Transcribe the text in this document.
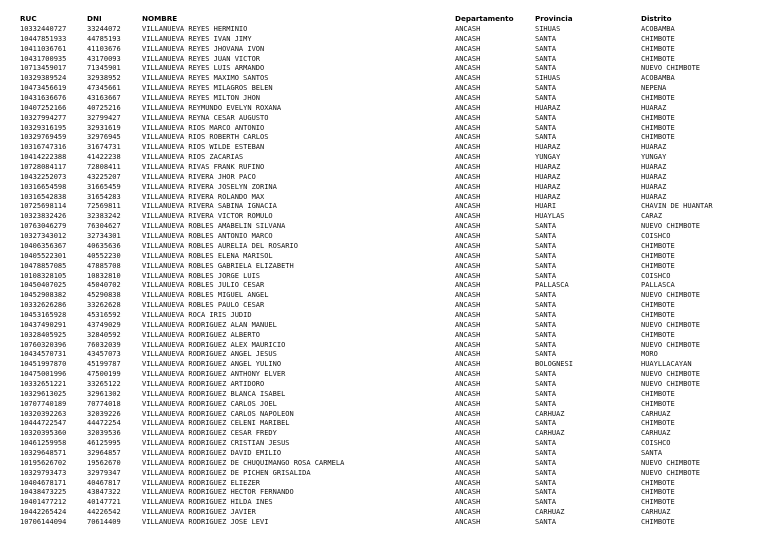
RUC	DNI	NOMBRE	Departamento	Provincia	Distrito
10332440727	33244072	VILLANUEVA REYES HERMINIO	ANCASH	SIHUAS	ACOBAMBA
10447851933	44785193	VILLANUEVA REYES IVAN JIMY	ANCASH	SANTA	CHIMBOTE
10411036761	41103676	VILLANUEVA REYES JHOVANA IVON	ANCASH	SANTA	CHIMBOTE
10431700935	43170093	VILLANUEVA REYES JUAN VICTOR	ANCASH	SANTA	CHIMBOTE
10713459017	71345901	VILLANUEVA REYES LUIS ARMANDO	ANCASH	SANTA	NUEVO CHIMBOTE
10329389524	32938952	VILLANUEVA REYES MAXIMO SANTOS	ANCASH	SIHUAS	ACOBAMBA
10473456619	47345661	VILLANUEVA REYES MILAGROS BELEN	ANCASH	SANTA	NEPEÑA
10431636676	43163667	VILLANUEVA REYES MILTON JHON	ANCASH	SANTA	CHIMBOTE
10407252166	40725216	VILLANUEVA REYMUNDO EVELYN ROXANA	ANCASH	HUARAZ	HUARAZ
10327994277	32799427	VILLANUEVA REYNA CESAR AUGUSTO	ANCASH	SANTA	CHIMBOTE
10329316195	32931619	VILLANUEVA RIOS MARCO ANTONIO	ANCASH	SANTA	CHIMBOTE
10329769459	32976945	VILLANUEVA RIOS ROBERTH CARLOS	ANCASH	SANTA	CHIMBOTE
10316747316	31674731	VILLANUEVA RIOS WILDE ESTEBAN	ANCASH	HUARAZ	HUARAZ
10414222388	41422238	VILLANUEVA RIOS ZACARIAS	ANCASH	YUNGAY	YUNGAY
10728084117	72808411	VILLANUEVA RIVAS FRANK RUFINO	ANCASH	HUARAZ	HUARAZ
10432252073	43225207	VILLANUEVA RIVERA JHOR PACO	ANCASH	HUARAZ	HUARAZ
10316654598	31665459	VILLANUEVA RIVERA JOSELYN ZORINA	ANCASH	HUARAZ	HUARAZ
10316542838	31654283	VILLANUEVA RIVERA ROLANDO MAX	ANCASH	HUARAZ	HUARAZ
10725698114	72569811	VILLANUEVA RIVERA SABINA IGNACIA	ANCASH	HUARI	CHAVIN DE HUANTAR
10323832426	32383242	VILLANUEVA RIVERA VICTOR ROMULO	ANCASH	HUAYLAS	CARAZ
10763046279	76304627	VILLANUEVA ROBLES AMABELIN SILVANA	ANCASH	SANTA	NUEVO CHIMBOTE
10327343012	32734301	VILLANUEVA ROBLES ANTONIO MARCO	ANCASH	SANTA	COISHCO
10406356367	40635636	VILLANUEVA ROBLES AURELIA DEL ROSARIO	ANCASH	SANTA	CHIMBOTE
10405522301	40552230	VILLANUEVA ROBLES ELENA MARISOL	ANCASH	SANTA	CHIMBOTE
10478857085	47885708	VILLANUEVA ROBLES GABRIELA ELIZABETH	ANCASH	SANTA	CHIMBOTE
10108328105	10832810	VILLANUEVA ROBLES JORGE LUIS	ANCASH	SANTA	COISHCO
10450407025	45040702	VILLANUEVA ROBLES JULIO CESAR	ANCASH	PALLASCA	PALLASCA
10452908382	45290838	VILLANUEVA ROBLES MIGUEL ANGEL	ANCASH	SANTA	NUEVO CHIMBOTE
10332626286	33262628	VILLANUEVA ROBLES PAULO CESAR	ANCASH	SANTA	CHIMBOTE
10453165928	45316592	VILLANUEVA ROCA IRIS JUDID	ANCASH	SANTA	CHIMBOTE
10437490291	43749029	VILLANUEVA RODRIGUEZ ALAN MANUEL	ANCASH	SANTA	NUEVO CHIMBOTE
10328405925	32840592	VILLANUEVA RODRIGUEZ ALBERTO	ANCASH	SANTA	CHIMBOTE
10760320396	76032039	VILLANUEVA RODRIGUEZ ALEX MAURICIO	ANCASH	SANTA	NUEVO CHIMBOTE
10434570731	43457073	VILLANUEVA RODRIGUEZ ANGEL JESUS	ANCASH	SANTA	MORO
10451997870	45199787	VILLANUEVA RODRIGUEZ ANGEL YULINO	ANCASH	BOLOGNESI	HUAYLLACAYAN
10475001996	47500199	VILLANUEVA RODRIGUEZ ANTHONY ELVER	ANCASH	SANTA	NUEVO CHIMBOTE
10332651221	33265122	VILLANUEVA RODRIGUEZ ARTIDORO	ANCASH	SANTA	NUEVO CHIMBOTE
10329613025	32961302	VILLANUEVA RODRIGUEZ BLANCA ISABEL	ANCASH	SANTA	CHIMBOTE
10707740189	70774018	VILLANUEVA RODRIGUEZ CARLOS JOEL	ANCASH	SANTA	CHIMBOTE
10320392263	32039226	VILLANUEVA RODRIGUEZ CARLOS NAPOLEON	ANCASH	CARHUAZ	CARHUAZ
10444722547	44472254	VILLANUEVA RODRIGUEZ CELENI MARIBEL	ANCASH	SANTA	CHIMBOTE
10320395360	32039536	VILLANUEVA RODRIGUEZ CESAR FREDY	ANCASH	CARHUAZ	CARHUAZ
10461259958	46125995	VILLANUEVA RODRIGUEZ CRISTIAN JESUS	ANCASH	SANTA	COISHCO
10329648571	32964857	VILLANUEVA RODRIGUEZ DAVID EMILIO	ANCASH	SANTA	SANTA
10195626702	19562670	VILLANUEVA RODRIGUEZ DE CHUQUIMANGO ROSA CARMELA	ANCASH	SANTA	NUEVO CHIMBOTE
10329793473	32979347	VILLANUEVA RODRIGUEZ DE PICHEN GRISALIDA	ANCASH	SANTA	NUEVO CHIMBOTE
10404678171	40467817	VILLANUEVA RODRIGUEZ ELIEZER	ANCASH	SANTA	CHIMBOTE
10438473225	43847322	VILLANUEVA RODRIGUEZ HECTOR FERNANDO	ANCASH	SANTA	CHIMBOTE
10401477212	40147721	VILLANUEVA RODRIGUEZ HILDA INES	ANCASH	SANTA	CHIMBOTE
10442265424	44226542	VILLANUEVA RODRIGUEZ JAVIER	ANCASH	CARHUAZ	CARHUAZ
10706144094	70614409	VILLANUEVA RODRIGUEZ JOSE LEVI	ANCASH	SANTA	CHIMBOTE
